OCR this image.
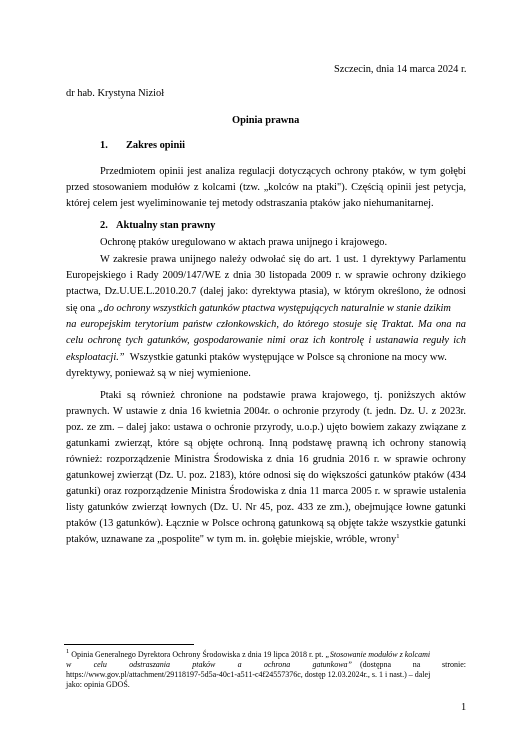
Szczecin, dnia 14 marca 2024 r.
dr hab. Krystyna Nizioł
Opinia prawna
1. Zakres opinii
Przedmiotem opinii jest analiza regulacji dotyczących ochrony ptaków, w tym gołębi
przed stosowaniem modułów z kolcami (tzw. „kolców na ptaki"). Częścią opinii jest petycja,
której celem jest wyeliminowanie tej metody odstraszania ptaków jako niehumanitarnej.
2. Aktualny stan prawny
Ochronę ptaków uregulowano w aktach prawa unijnego i krajowego.
W zakresie prawa unijnego należy odwołać się do art. 1 ust. 1 dyrektywy Parlamentu
Europejskiego i Rady 2009/147/WE z dnia 30 listopada 2009 r. w sprawie ochrony dzikiego
ptactwa, Dz.U.UE.L.2010.20.7 (dalej jako: dyrektywa ptasia), w którym określono, że odnosi
się ona „do ochrony wszystkich gatunków ptactwa występujących naturalnie w stanie dzikim
na europejskim terytorium państw członkowskich, do którego stosuje się Traktat. Ma ona na
celu ochronę tych gatunków, gospodarowanie nimi oraz ich kontrolę i ustanawia reguły ich
eksploatacji.” Wszystkie gatunki ptaków występujące w Polsce są chronione na mocy ww.
dyrektywy, ponieważ są w niej wymienione.
Ptaki są również chronione na podstawie prawa krajowego, tj. poniższych aktów
prawnych. W ustawie z dnia 16 kwietnia 2004r. o ochronie przyrody (t. jedn. Dz. U. z 2023r.
poz. ze zm. – dalej jako: ustawa o ochronie przyrody, u.o.p.) ujęto bowiem zakazy związane z
gatunkami zwierząt, które są objęte ochroną. Inną podstawę prawną ich ochrony stanowią
również: rozporządzenie Ministra Środowiska z dnia 16 grudnia 2016 r. w sprawie ochrony
gatunkowej zwierząt (Dz. U. poz. 2183), które odnosi się do większości gatunków ptaków (434
gatunki) oraz rozporządzenie Ministra Środowiska z dnia 11 marca 2005 r. w sprawie ustalenia
listy gatunków zwierząt łownych (Dz. U. Nr 45, poz. 433 ze zm.), obejmujące łowne gatunki
ptaków (13 gatunków). Łącznie w Polsce ochroną gatunkową są objęte także wszystkie gatunki
ptaków, uznawane za „pospolite" w tym m. in. gołębie miejskie, wróble, wrony$^1$
$^1$ Opinia Generalnego Dyrektora Ochrony Środowiska z dnia 19 lipca 2018 r. pt. „Stosowanie modułów z kolcami
w celu odstraszania ptaków a ochrona gatunkowa” (dostępna na stronie:
https://www.gov.pl/attachment/29118197-5d5a-40c1-a511-c4f24557376c, dostęp 12.03.2024r., s. 1 i nast.) – dalej
jako: opinia GDOŚ.
1
